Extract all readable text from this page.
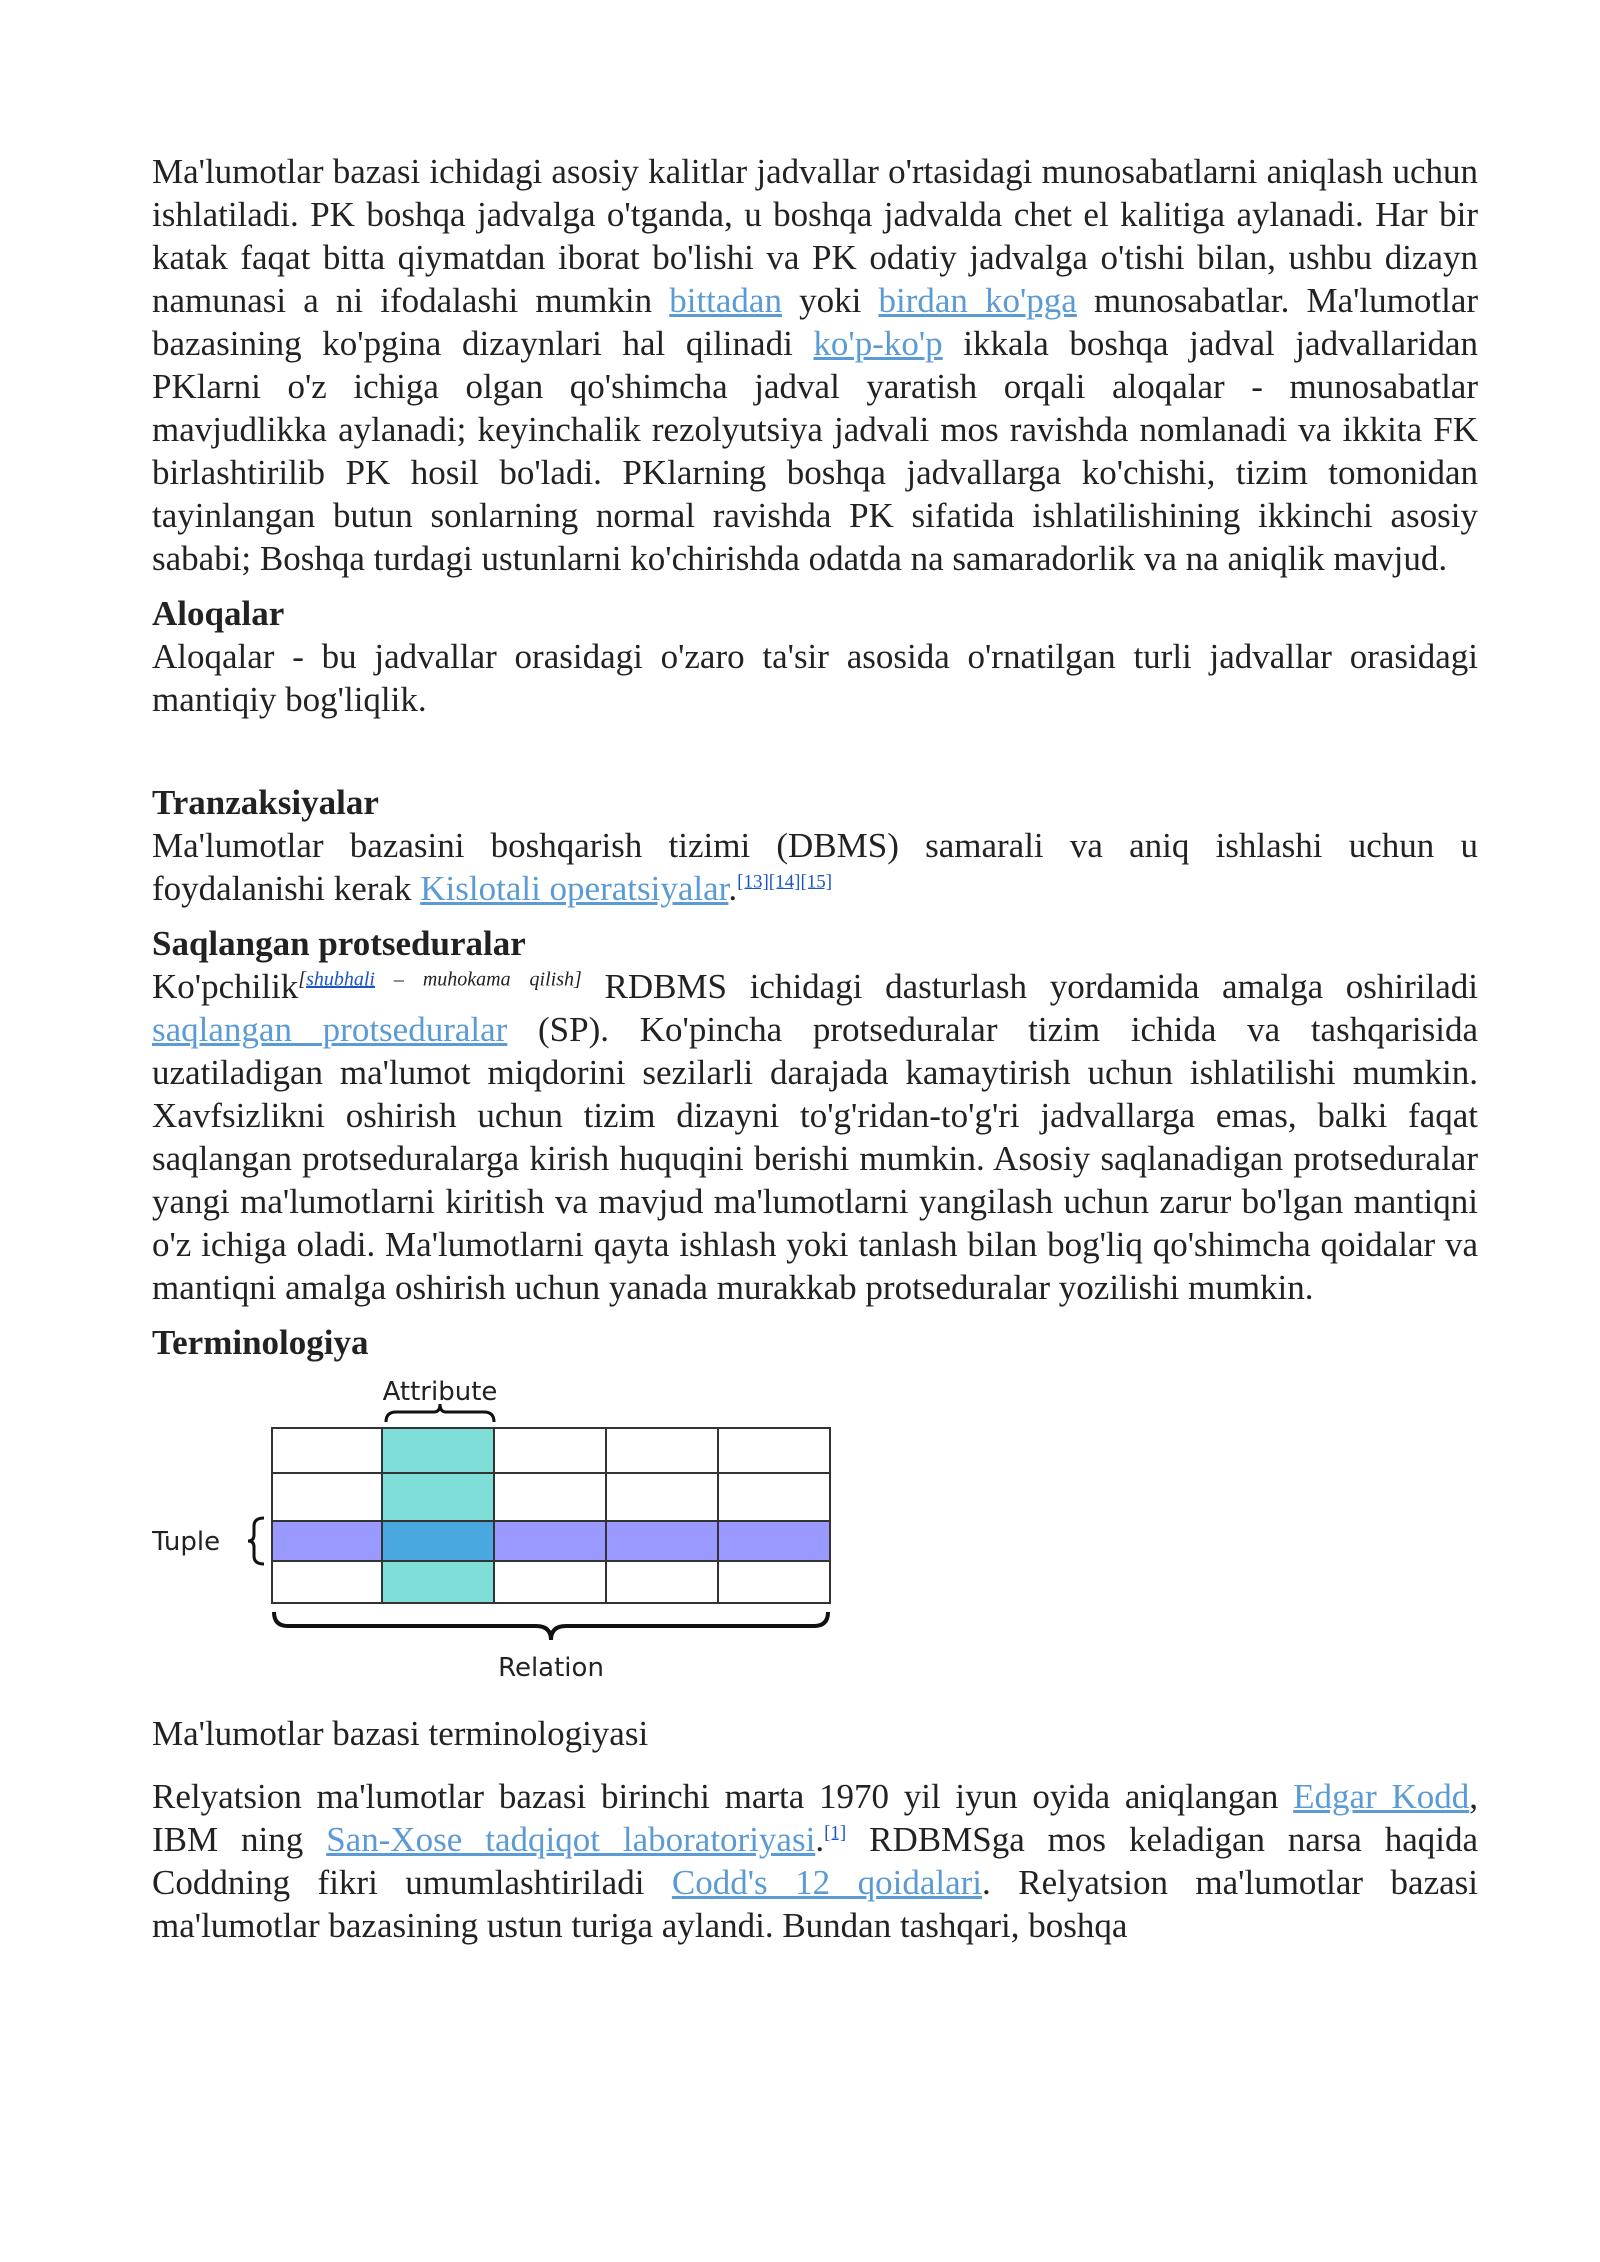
Ma'lumotlar bazasi ichidagi asosiy kalitlar jadvallar o'rtasidagi munosabatlarni aniqlash uchun ishlatiladi. PK boshqa jadvalga o'tganda, u boshqa jadvalda chet el kalitiga aylanadi. Har bir katak faqat bitta qiymatdan iborat bo'lishi va PK odatiy jadvalga o'tishi bilan, ushbu dizayn namunasi a ni ifodalashi mumkin bittadan yoki birdan ko'pga munosabatlar. Ma'lumotlar bazasining ko'pgina dizaynlari hal qilinadi ko'p-ko'p ikkala boshqa jadval jadvallaridan PKlarni o'z ichiga olgan qo'shimcha jadval yaratish orqali aloqalar - munosabatlar mavjudlikka aylanadi; keyinchalik rezolyutsiya jadvali mos ravishda nomlanadi va ikkita FK birlashtirilib PK hosil bo'ladi. PKlarning boshqa jadvallarga ko'chishi, tizim tomonidan tayinlangan butun sonlarning normal ravishda PK sifatida ishlatilishining ikkinchi asosiy sababi; Boshqa turdagi ustunlarni ko'chirishda odatda na samaradorlik va na aniqlik mavjud.

Aloqalar

Aloqalar - bu jadvallar orasidagi o'zaro ta'sir asosida o'rnatilgan turli jadvallar orasidagi mantiqiy bog'liqlik.

Tranzaksiyalar

Ma'lumotlar bazasini boshqarish tizimi (DBMS) samarali va aniq ishlashi uchun u foydalanishi kerak Kislotali operatsiyalar.[13][14][15]

Saqlangan protseduralar

Ko'pchilik[shubhali – muhokama qilish] RDBMS ichidagi dasturlash yordamida amalga oshiriladi saqlangan protseduralar (SP). Ko'pincha protseduralar tizim ichida va tashqarisida uzatiladigan ma'lumot miqdorini sezilarli darajada kamaytirish uchun ishlatilishi mumkin. Xavfsizlikni oshirish uchun tizim dizayni to'g'ridan-to'g'ri jadvallarga emas, balki faqat saqlangan protseduralarga kirish huquqini berishi mumkin. Asosiy saqlanadigan protseduralar yangi ma'lumotlarni kiritish va mavjud ma'lumotlarni yangilash uchun zarur bo'lgan mantiqni o'z ichiga oladi. Ma'lumotlarni qayta ishlash yoki tanlash bilan bog'liq qo'shimcha qoidalar va mantiqni amalga oshirish uchun yanada murakkab protseduralar yozilishi mumkin.

Terminologiya
Attribute
Tuple
Relation

Ma'lumotlar bazasi terminologiyasi

Relyatsion ma'lumotlar bazasi birinchi marta 1970 yil iyun oyida aniqlangan Edgar Kodd, IBM ning San-Xose tadqiqot laboratoriyasi.[1] RDBMSga mos keladigan narsa haqida Coddning fikri umumlashtiriladi Codd's 12 qoidalari. Relyatsion ma'lumotlar bazasi ma'lumotlar bazasining ustun turiga aylandi. Bundan tashqari, boshqa
